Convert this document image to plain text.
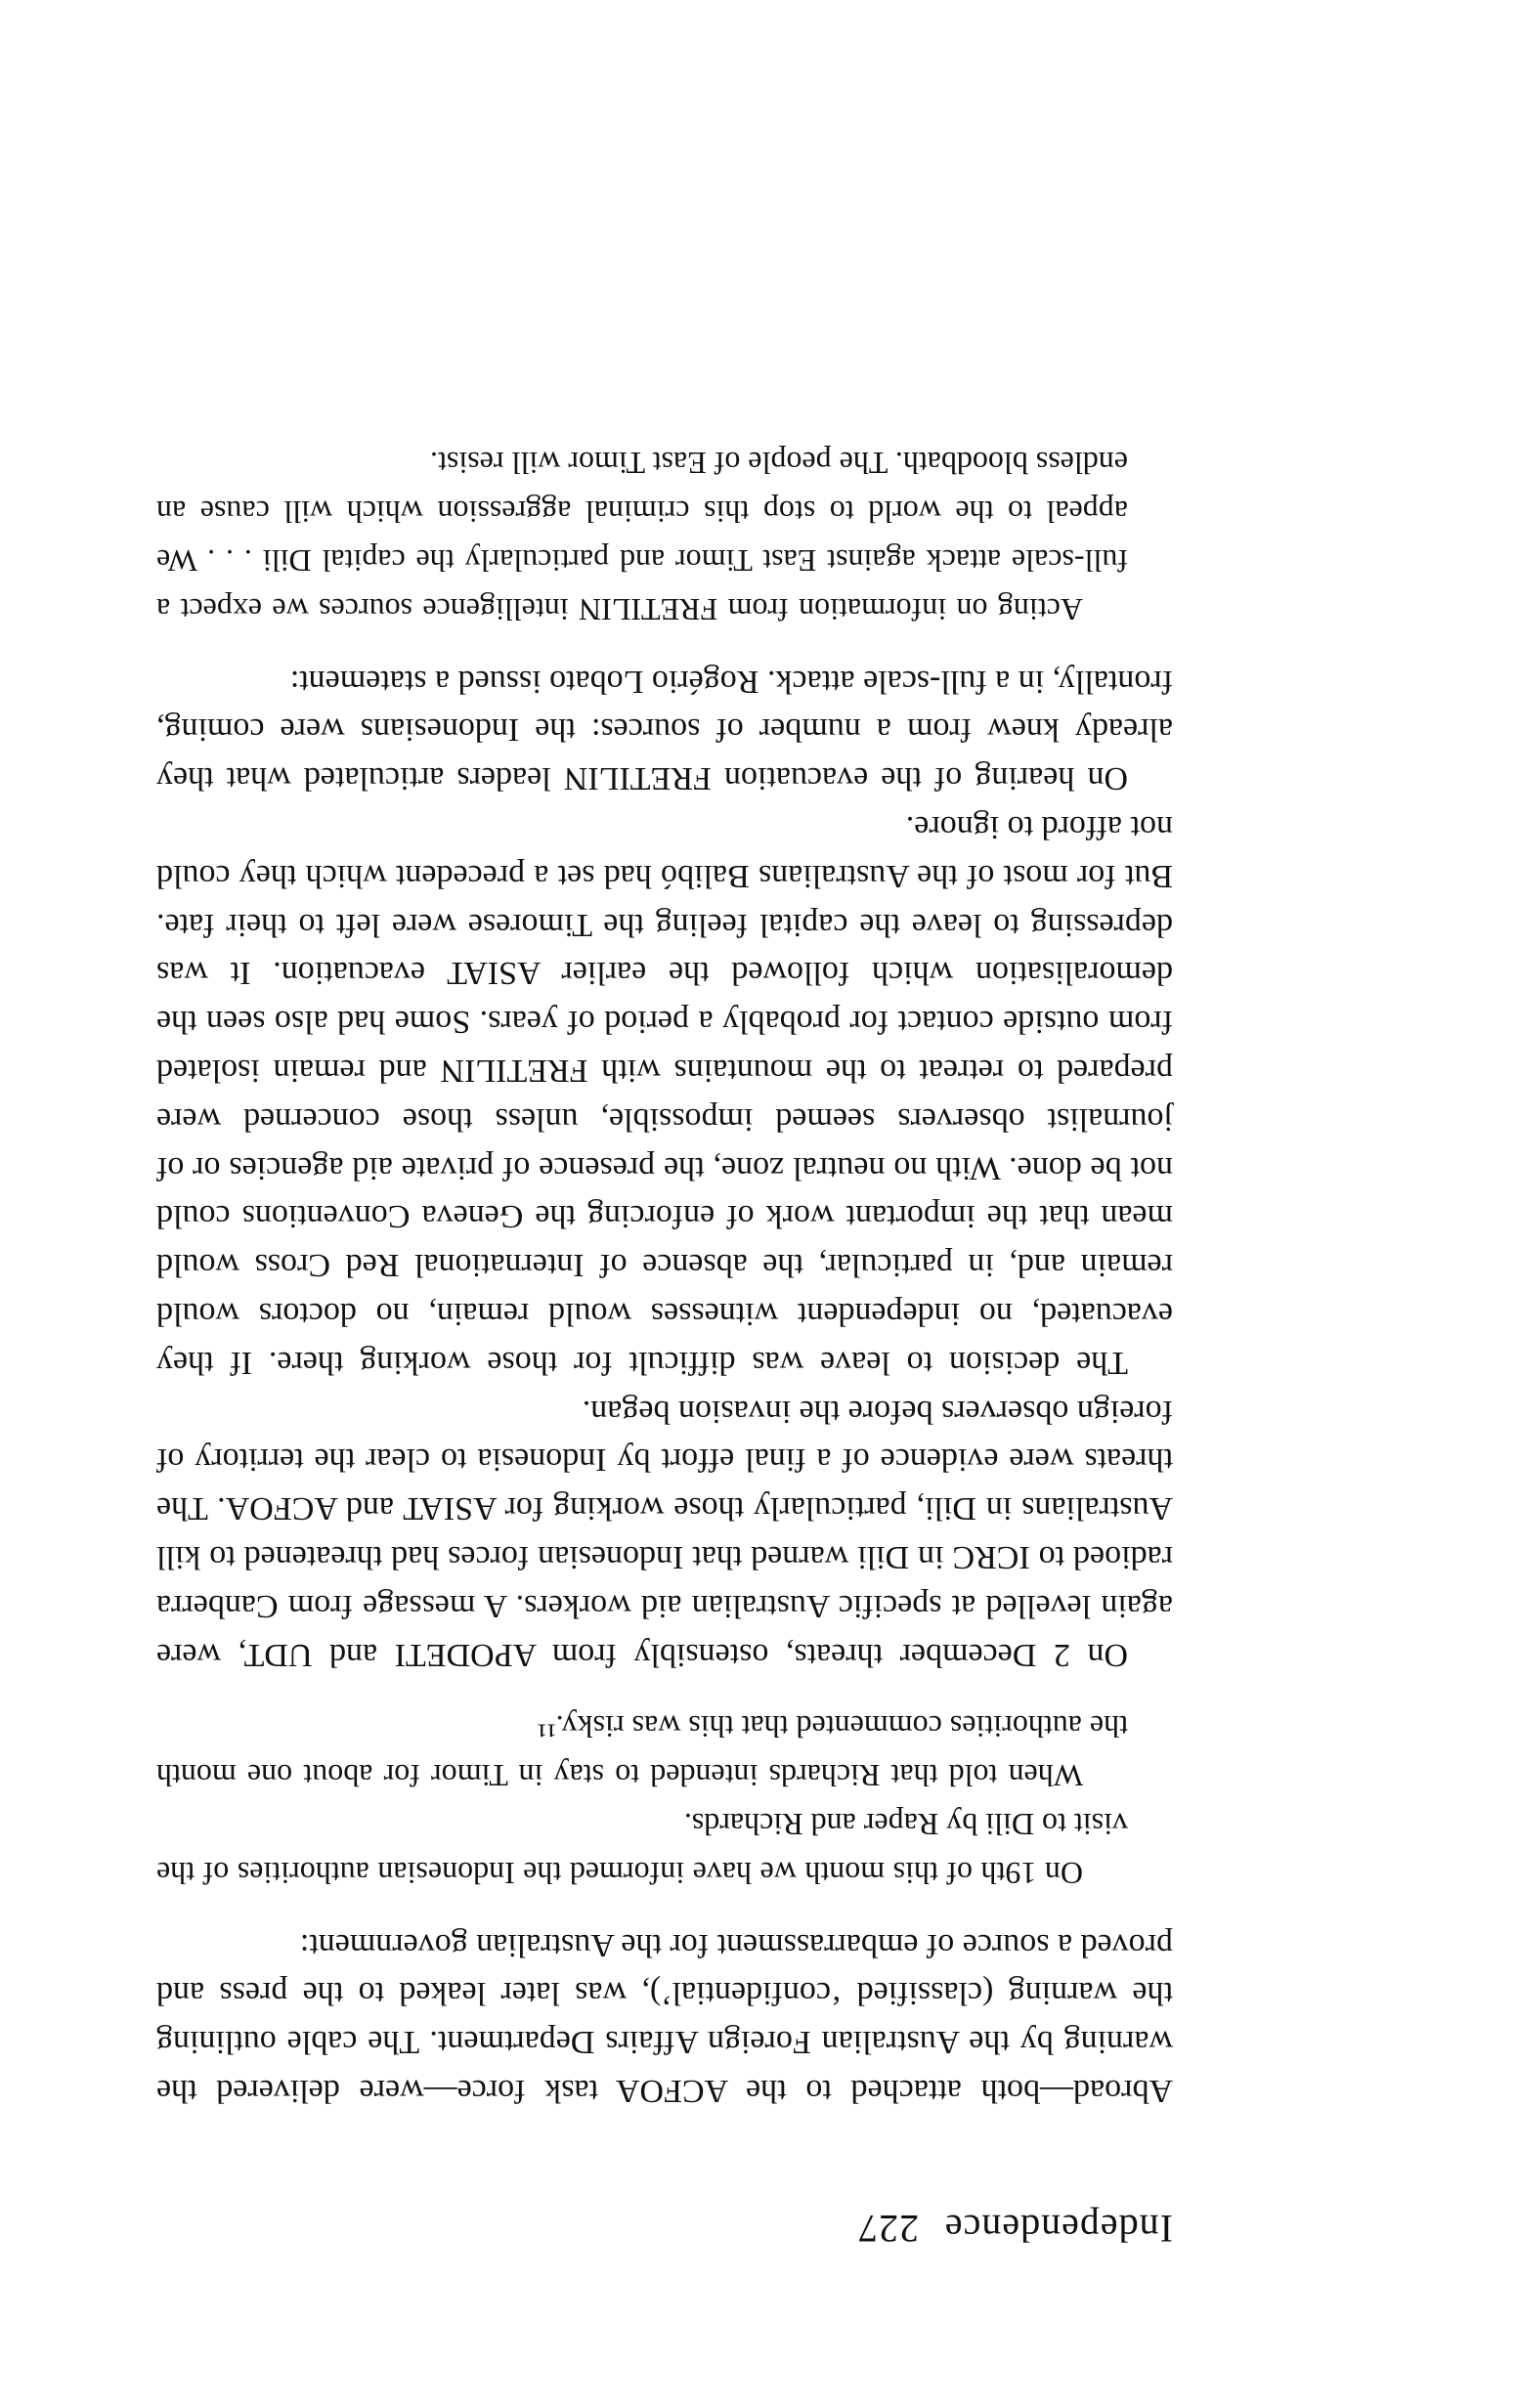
Independence
227

Abroad—both attached to the ACFOA task force—were delivered the warning by the Australian Foreign Affairs Department. The cable outlining the warning (classified ‘confidential’), was later leaked to the press and proved a source of embarrassment for the Australian government:

On 19th of this month we have informed the Indonesian authorities of the visit to Dili by Raper and Richards.

When told that Richards intended to stay in Timor for about one month the authorities commented that this was risky.¹¹

On 2 December threats, ostensibly from APODETI and UDT, were again levelled at specific Australian aid workers. A message from Canberra radioed to ICRC in Dili warned that Indonesian forces had threatened to kill Australians in Dili, particularly those working for ASIAT and ACFOA. The threats were evidence of a final effort by Indonesia to clear the territory of foreign observers before the invasion began.

The decision to leave was difficult for those working there. If they evacuated, no independent witnesses would remain, no doctors would remain and, in particular, the absence of International Red Cross would mean that the important work of enforcing the Geneva Conventions could not be done. With no neutral zone, the presence of private aid agencies or of journalist observers seemed impossible, unless those concerned were prepared to retreat to the mountains with FRETILIN and remain isolated from outside contact for probably a period of years. Some had also seen the demoralisation which followed the earlier ASIAT evacuation. It was depressing to leave the capital feeling the Timorese were left to their fate. But for most of the Australians Balibó had set a precedent which they could not afford to ignore.

On hearing of the evacuation FRETILIN leaders articulated what they already knew from a number of sources: the Indonesians were coming, frontally, in a full-scale attack. Rogério Lobato issued a statement:

Acting on information from FRETILIN intelligence sources we expect a full-scale attack against East Timor and particularly the capital Dili . . . We appeal to the world to stop this criminal aggression which will cause an endless bloodbath. The people of East Timor will resist.
